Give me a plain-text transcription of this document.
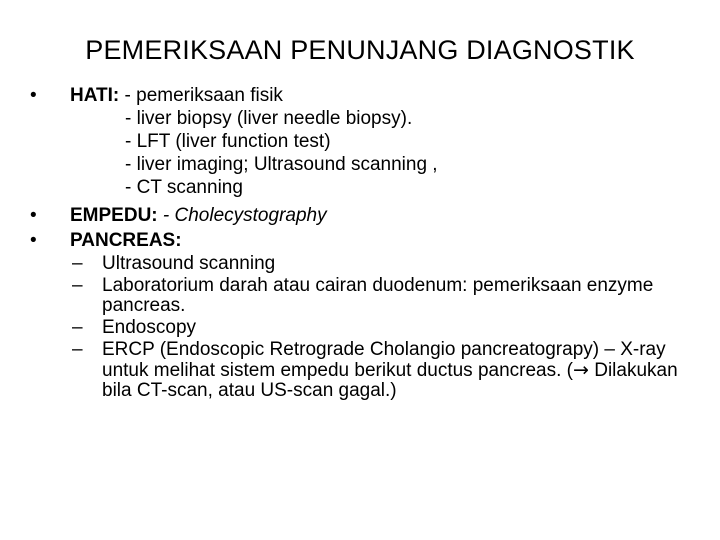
PEMERIKSAAN PENUNJANG DIAGNOSTIK
• HATI: - pemeriksaan fisik
- liver biopsy (liver needle biopsy).
- LFT (liver function test)
- liver imaging; Ultrasound scanning ,
- CT scanning
• EMPEDU: - Cholecystography
• PANCREAS:
– Ultrasound scanning
– Laboratorium darah atau cairan duodenum: pemeriksaan enzyme pancreas.
– Endoscopy
– ERCP (Endoscopic Retrograde Cholangio pancreatograpy) – X-ray untuk melihat sistem empedu berikut ductus pancreas. (→ Dilakukan bila CT-scan, atau US-scan gagal.)
